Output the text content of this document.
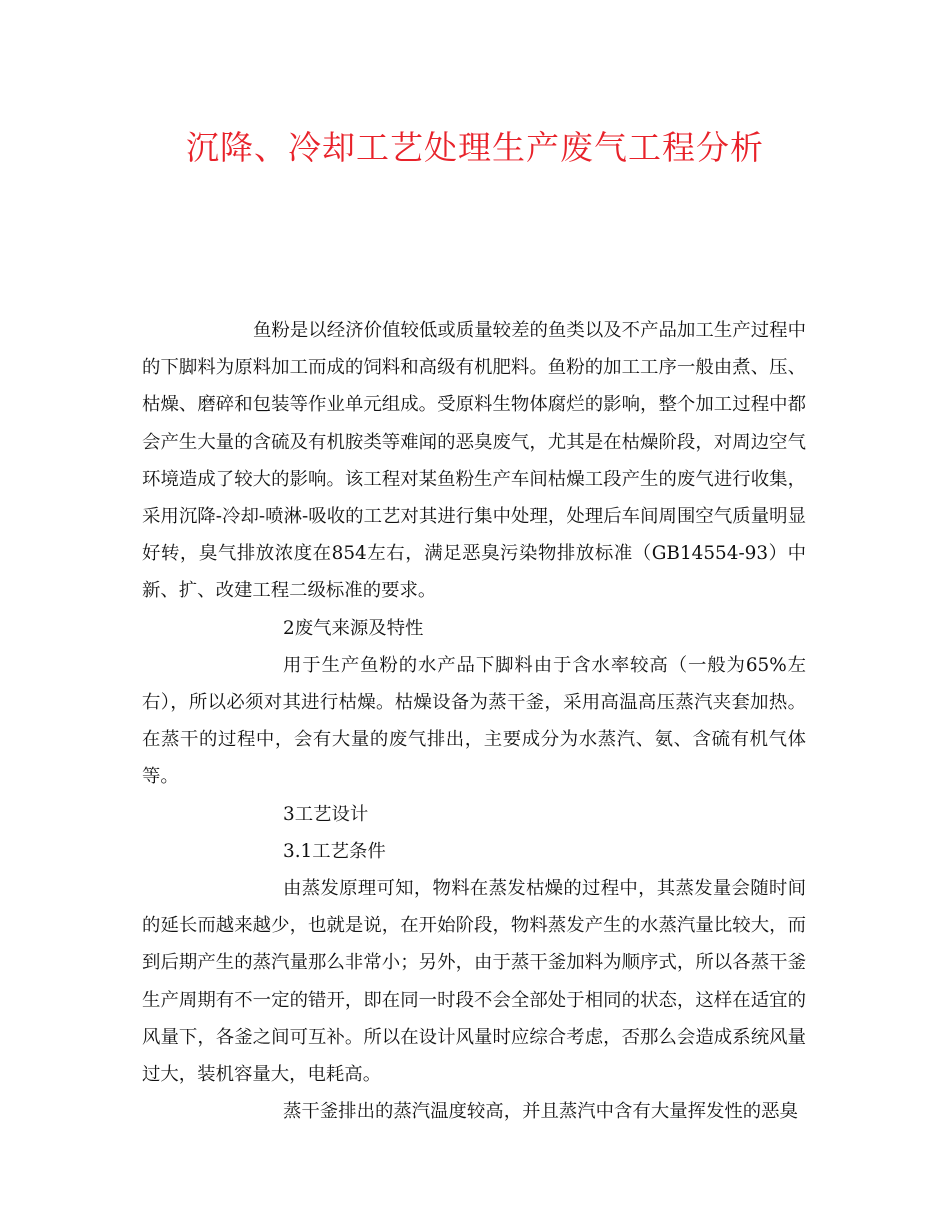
沉降、冷却工艺处理生产废气工程分析

鱼粉是以经济价值较低或质量较差的鱼类以及不产品加工生产过程中的下脚料为原料加工而成的饲料和高级有机肥料。鱼粉的加工工序一般由煮、压、枯燥、磨碎和包装等作业单元组成。受原料生物体腐烂的影响，整个加工过程中都会产生大量的含硫及有机胺类等难闻的恶臭废气，尤其是在枯燥阶段，对周边空气环境造成了较大的影响。该工程对某鱼粉生产车间枯燥工段产生的废气进行收集，采用沉降-冷却-喷淋-吸收的工艺对其进行集中处理，处理后车间周围空气质量明显好转，臭气排放浓度在854左右，满足恶臭污染物排放标准（GB14554-93）中新、扩、改建工程二级标准的要求。

2废气来源及特性

用于生产鱼粉的水产品下脚料由于含水率较高（一般为65%左右），所以必须对其进行枯燥。枯燥设备为蒸干釜，采用高温高压蒸汽夹套加热。在蒸干的过程中，会有大量的废气排出，主要成分为水蒸汽、氨、含硫有机气体等。

3工艺设计

3.1工艺条件

由蒸发原理可知，物料在蒸发枯燥的过程中，其蒸发量会随时间的延长而越来越少，也就是说，在开始阶段，物料蒸发产生的水蒸汽量比较大，而到后期产生的蒸汽量那么非常小；另外，由于蒸干釜加料为顺序式，所以各蒸干釜生产周期有不一定的错开，即在同一时段不会全部处于相同的状态，这样在适宜的风量下，各釜之间可互补。所以在设计风量时应综合考虑，否那么会造成系统风量过大，装机容量大，电耗高。

蒸干釜排出的蒸汽温度较高，并且蒸汽中含有大量挥发性的恶臭
